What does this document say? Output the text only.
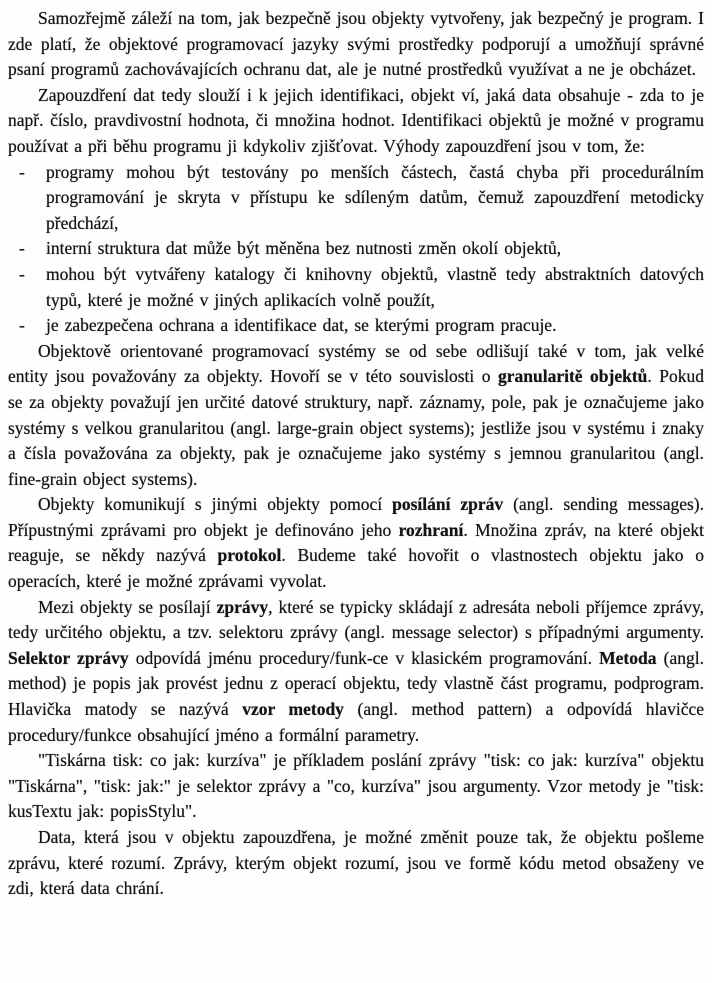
Samozřejmě záleží na tom, jak bezpečně jsou objekty vytvořeny, jak bezpečný je program. I zde platí, že objektové programovací jazyky svými prostředky podporují a umožňují správné psaní programů zachovávajících ochranu dat, ale je nutné prostředků využívat a ne je obcházet.

Zapouzdření dat tedy slouží i k jejich identifikaci, objekt ví, jaká data obsahuje - zda to je např. číslo, pravdivostní hodnota, či množina hodnot. Identifikaci objektů je možné v programu používat a při běhu programu ji kdykoliv zjišťovat. Výhody zapouzdření jsou v tom, že:

- programy mohou být testovány po menších částech, častá chyba při procedurálním programování je skryta v přístupu ke sdíleným datům, čemuž zapouzdření metodicky předchází,
- interní struktura dat může být měněna bez nutnosti změn okolí objektů,
- mohou být vytvářeny katalogy či knihovny objektů, vlastně tedy abstraktních datových typů, které je možné v jiných aplikacích volně použít,
- je zabezpečena ochrana a identifikace dat, se kterými program pracuje.

Objektově orientované programovací systémy se od sebe odlišují také v tom, jak velké entity jsou považovány za objekty. Hovoří se v této souvislosti o granularitě objektů. Pokud se za objekty považují jen určité datové struktury, např. záznamy, pole, pak je označujeme jako systémy s velkou granularitou (angl. large-grain object systems); jestliže jsou v systému i znaky a čísla považována za objekty, pak je označujeme jako systémy s jemnou granularitou (angl. fine-grain object systems).

Objekty komunikují s jinými objekty pomocí posílání zpráv (angl. sending messages). Přípustnými zprávami pro objekt je definováno jeho rozhraní. Množina zpráv, na které objekt reaguje, se někdy nazývá protokol. Budeme také hovořit o vlastnostech objektu jako o operacích, které je možné zprávami vyvolat.

Mezi objekty se posílají zprávy, které se typicky skládají z adresáta neboli příjemce zprávy, tedy určitého objektu, a tzv. selektoru zprávy (angl. message selector) s případnými argumenty. Selektor zprávy odpovídá jménu procedury/funk-ce v klasickém programování. Metoda (angl. method) je popis jak provést jednu z operací objektu, tedy vlastně část programu, podprogram. Hlavička matody se nazývá vzor metody (angl. method pattern) a odpovídá hlavičce procedury/funkce obsahující jméno a formální parametry.

"Tiskárna tisk: co jak: kurzíva" je příkladem poslání zprávy "tisk: co jak: kurzíva" objektu "Tiskárna", "tisk: jak:" je selektor zprávy a "co, kurzíva" jsou argumenty. Vzor metody je "tisk: kusTextu jak: popisStylu".

Data, která jsou v objektu zapouzdřena, je možné změnit pouze tak, že objektu pošleme zprávu, které rozumí. Zprávy, kterým objekt rozumí, jsou ve formě kódu metod obsaženy ve zdi, která data chrání.
